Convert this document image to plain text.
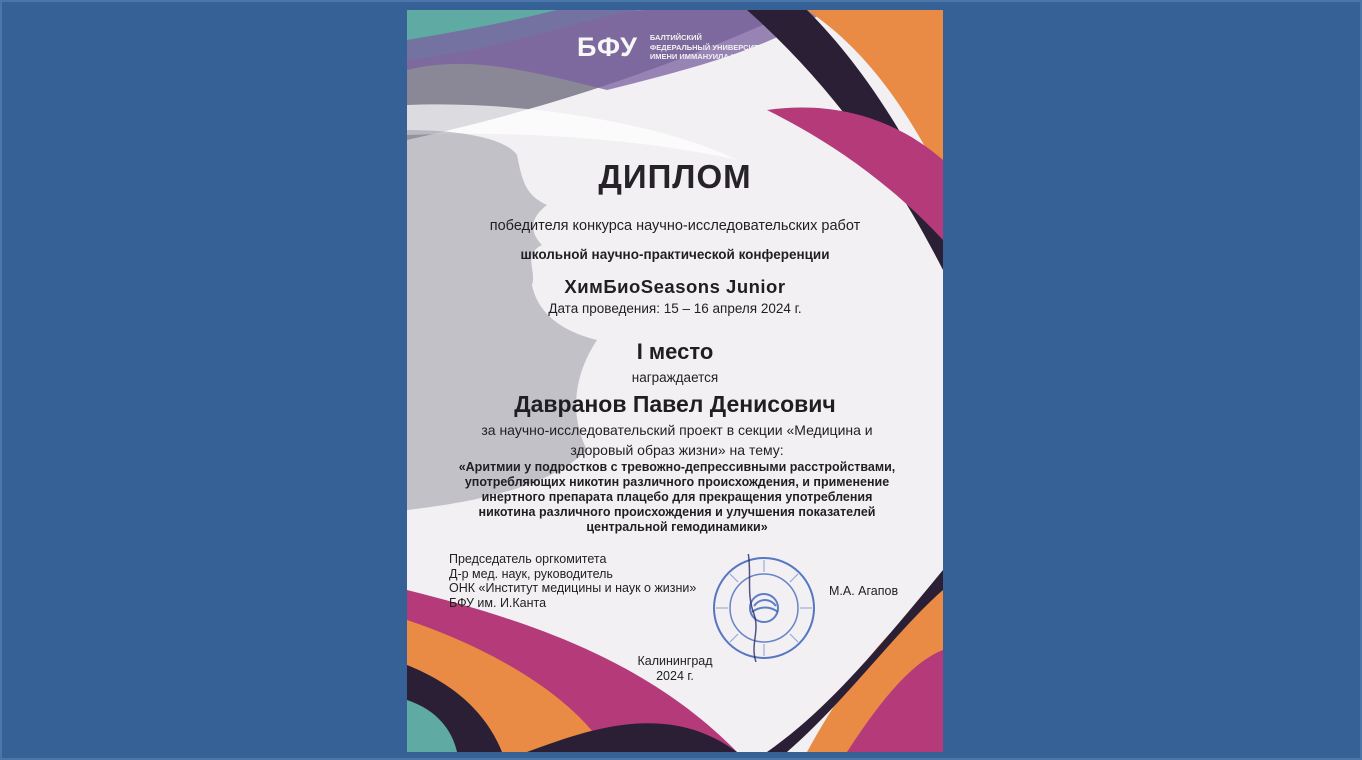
БФУ БАЛТИЙСКИЙ
ФЕДЕРАЛЬНЫЙ УНИВЕРСИТЕТ
ИМЕНИ ИММАНУИЛА КАНТА
ДИПЛОМ
победителя конкурса научно-исследовательских работ
школьной научно-практической конференции
ХимБиоSeasons Junior
Дата проведения: 15 – 16 апреля 2024 г.
I место
награждается
Давранов Павел Денисович
за научно-исследовательский проект в секции «Медицина и здоровый образ жизни» на тему:
«Аритмии у подростков с тревожно-депрессивными расстройствами, употребляющих никотин различного происхождения, и применение инертного препарата плацебо для прекращения употребления никотина различного происхождения и улучшения показателей центральной гемодинамики»
Председатель оргкомитета
Д-р мед. наук, руководитель
ОНК «Институт медицины и наук о жизни»
БФУ им. И.Канта
М.А. Агапов
Калининград
2024 г.
